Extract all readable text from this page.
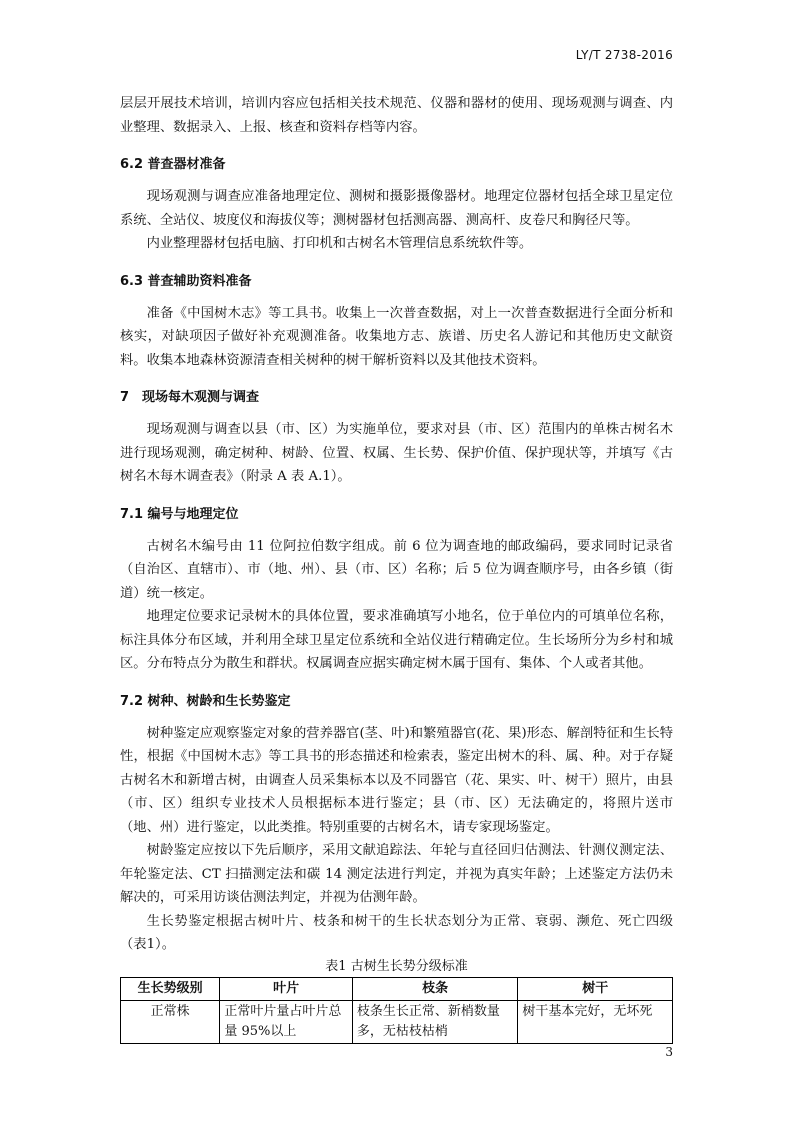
LY/T 2738-2016

层层开展技术培训，培训内容应包括相关技术规范、仪器和器材的使用、现场观测与调查、内业整理、数据录入、上报、核查和资料存档等内容。

6.2 普查器材准备

现场观测与调查应准备地理定位、测树和摄影摄像器材。地理定位器材包括全球卫星定位系统、全站仪、坡度仪和海拔仪等；测树器材包括测高器、测高杆、皮卷尺和胸径尺等。

内业整理器材包括电脑、打印机和古树名木管理信息系统软件等。

6.3 普查辅助资料准备

准备《中国树木志》等工具书。收集上一次普查数据，对上一次普查数据进行全面分析和核实，对缺项因子做好补充观测准备。收集地方志、族谱、历史名人游记和其他历史文献资料。收集本地森林资源清查相关树种的树干解析资料以及其他技术资料。

7　现场每木观测与调查

现场观测与调查以县（市、区）为实施单位，要求对县（市、区）范围内的单株古树名木进行现场观测，确定树种、树龄、位置、权属、生长势、保护价值、保护现状等，并填写《古树名木每木调查表》（附录 A 表 A.1）。

7.1 编号与地理定位

古树名木编号由 11 位阿拉伯数字组成。前 6 位为调查地的邮政编码，要求同时记录省（自治区、直辖市）、市（地、州）、县（市、区）名称；后 5 位为调查顺序号，由各乡镇（街道）统一核定。

地理定位要求记录树木的具体位置，要求准确填写小地名，位于单位内的可填单位名称，标注具体分布区域，并利用全球卫星定位系统和全站仪进行精确定位。生长场所分为乡村和城区。分布特点分为散生和群状。权属调查应据实确定树木属于国有、集体、个人或者其他。

7.2 树种、树龄和生长势鉴定

树种鉴定应观察鉴定对象的营养器官(茎、叶)和繁殖器官(花、果)形态、解剖特征和生长特性，根据《中国树木志》等工具书的形态描述和检索表，鉴定出树木的科、属、种。对于存疑古树名木和新增古树，由调查人员采集标本以及不同器官（花、果实、叶、树干）照片，由县（市、区）组织专业技术人员根据标本进行鉴定；县（市、区）无法确定的，将照片送市（地、州）进行鉴定，以此类推。特别重要的古树名木，请专家现场鉴定。

树龄鉴定应按以下先后顺序，采用文献追踪法、年轮与直径回归估测法、针测仪测定法、年轮鉴定法、CT 扫描测定法和碳 14 测定法进行判定，并视为真实年龄；上述鉴定方法仍未解决的，可采用访谈估测法判定，并视为估测年龄。

生长势鉴定根据古树叶片、枝条和树干的生长状态划分为正常、衰弱、濒危、死亡四级（表1）。

表1 古树生长势分级标准
生长势级别	叶片	枝条	树干
正常株	正常叶片量占叶片总量 95%以上	枝条生长正常、新梢数量多，无枯枝枯梢	树干基本完好，无坏死
3
